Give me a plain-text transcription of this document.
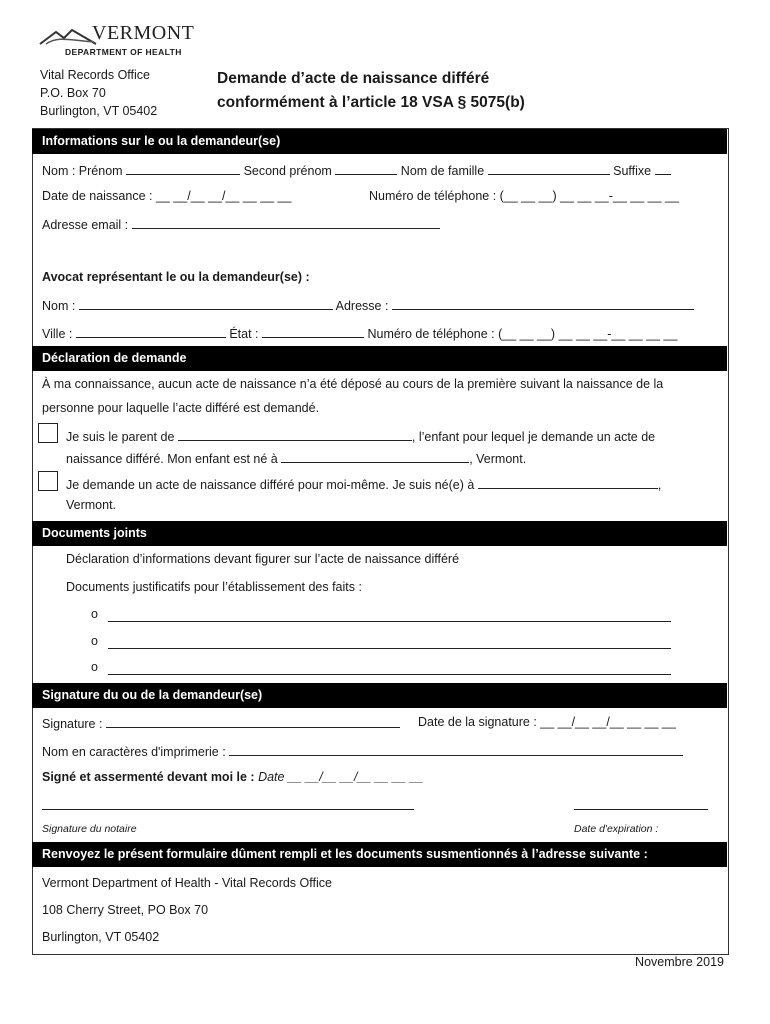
VERMONT
DEPARTMENT OF HEALTH
Vital Records Office
P.O. Box 70
Burlington, VT 05402
Demande d’acte de naissance différé
conformément à l’article 18 VSA § 5075(b)
Informations sur le ou la demandeur(se)
Nom : Prénom	Second prénom	Nom de famille	Suffixe
Date de naissance : __ __/__ __/__ __ __ __	Numéro de téléphone : (__ __ __) __ __ __-__ __ __ __
Adresse email :
Avocat représentant le ou la demandeur(se) :
Nom :	Adresse :
Ville :	État :	Numéro de téléphone : (__ __ __) __ __ __-__ __ __ __
Déclaration de demande
À ma connaissance, aucun acte de naissance n’a été déposé au cours de la première suivant la naissance de la
personne pour laquelle l’acte différé est demandé.
Je suis le parent de	, l’enfant pour lequel je demande un acte de
naissance différé. Mon enfant est né à	, Vermont.
Je demande un acte de naissance différé pour moi-même. Je suis né(e) à	,
Vermont.
Documents joints
Déclaration d’informations devant figurer sur l’acte de naissance différé
Documents justificatifs pour l’établissement des faits :
o
o
o
Signature du ou de la demandeur(se)
Signature :	Date de la signature : __ __/__ __/__ __ __ __
Nom en caractères d'imprimerie :
Signé et assermenté devant moi le : Date __ __/__ __/__ __ __ __
Signature du notaire	Date d'expiration :
Renvoyez le présent formulaire dûment rempli et les documents susmentionnés à l’adresse suivante :
Vermont Department of Health - Vital Records Office
108 Cherry Street, PO Box 70
Burlington, VT 05402
Novembre 2019
